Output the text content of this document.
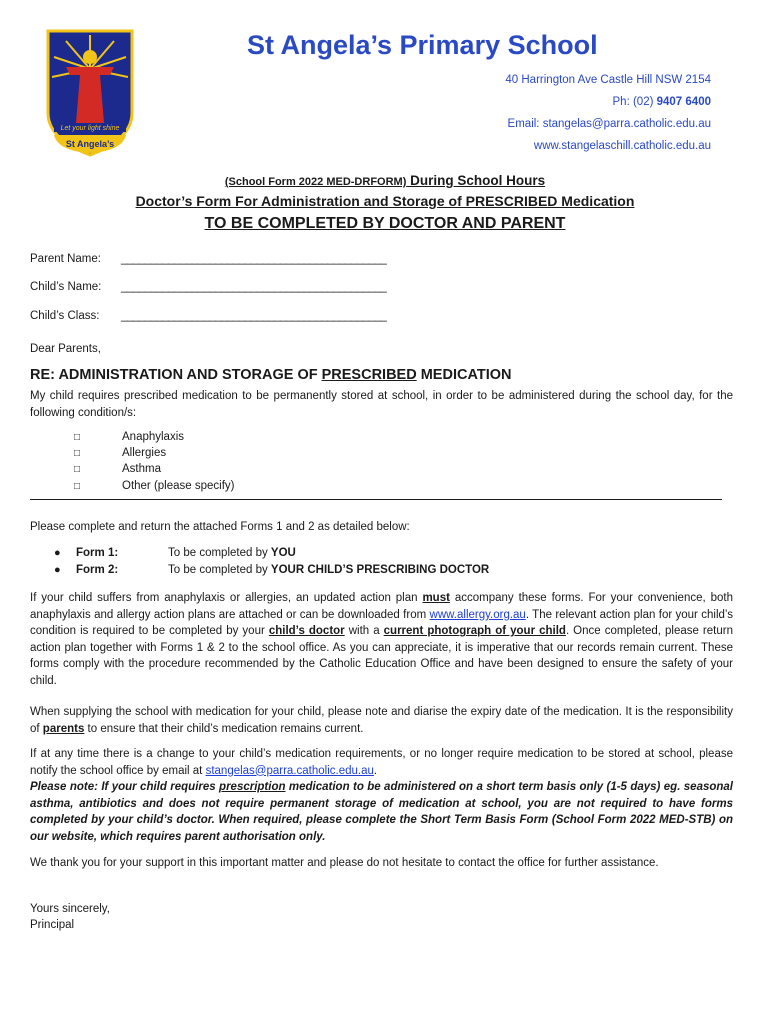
Let your light shine
St Angela’s
St Angela’s Primary School
40 Harrington Ave Castle Hill NSW 2154
Ph: (02) 9407 6400
Email: stangelas@parra.catholic.edu.au
www.stangelaschill.catholic.edu.au
(School Form 2022 MED-DRFORM) During School Hours
Doctor’s Form For Administration and Storage of PRESCRIBED Medication
TO BE COMPLETED BY DOCTOR AND PARENT
Parent Name: _____________________________________________
Child’s Name: _____________________________________________
Child’s Class: _____________________________________________
Dear Parents,
RE: ADMINISTRATION AND STORAGE OF PRESCRIBED MEDICATION
My child requires prescribed medication to be permanently stored at school, in order to be administered during the school day, for the following condition/s:
□	Anaphylaxis
□	Allergies
□	Asthma
□	Other (please specify)
Please complete and return the attached Forms 1 and 2 as detailed below:
● Form 1:	To be completed by YOU
● Form 2:	To be completed by YOUR CHILD’S PRESCRIBING DOCTOR
If your child suffers from anaphylaxis or allergies, an updated action plan must accompany these forms. For your convenience, both anaphylaxis and allergy action plans are attached or can be downloaded from www.allergy.org.au. The relevant action plan for your child’s condition is required to be completed by your child’s doctor with a current photograph of your child. Once completed, please return action plan together with Forms 1 & 2 to the school office. As you can appreciate, it is imperative that our records remain current. These forms comply with the procedure recommended by the Catholic Education Office and have been designed to ensure the safety of your child.
When supplying the school with medication for your child, please note and diarise the expiry date of the medication. It is the responsibility of parents to ensure that their child’s medication remains current.
If at any time there is a change to your child’s medication requirements, or no longer require medication to be stored at school, please notify the school office by email at stangelas@parra.catholic.edu.au.
Please note: If your child requires prescription medication to be administered on a short term basis only (1-5 days) eg. seasonal asthma, antibiotics and does not require permanent storage of medication at school, you are not required to have forms completed by your child’s doctor. When required, please complete the Short Term Basis Form (School Form 2022 MED-STB) on our website, which requires parent authorisation only.
We thank you for your support in this important matter and please do not hesitate to contact the office for further assistance.
Yours sincerely,
Principal
